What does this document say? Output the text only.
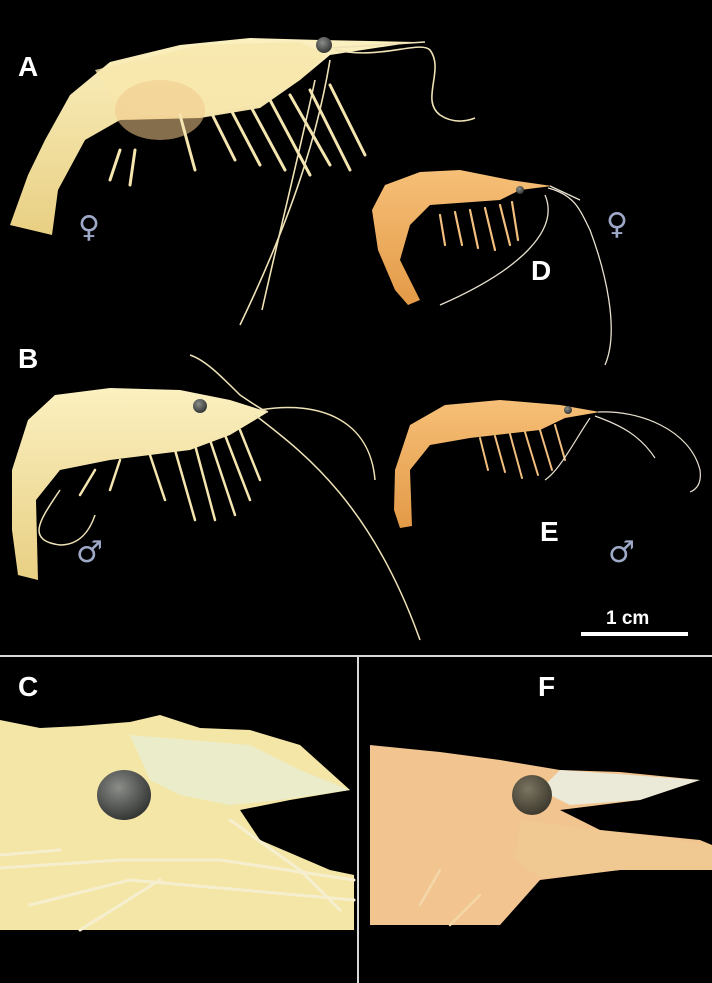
A
♀
B
♂
D
♀
E
♂
1 cm
C	F
